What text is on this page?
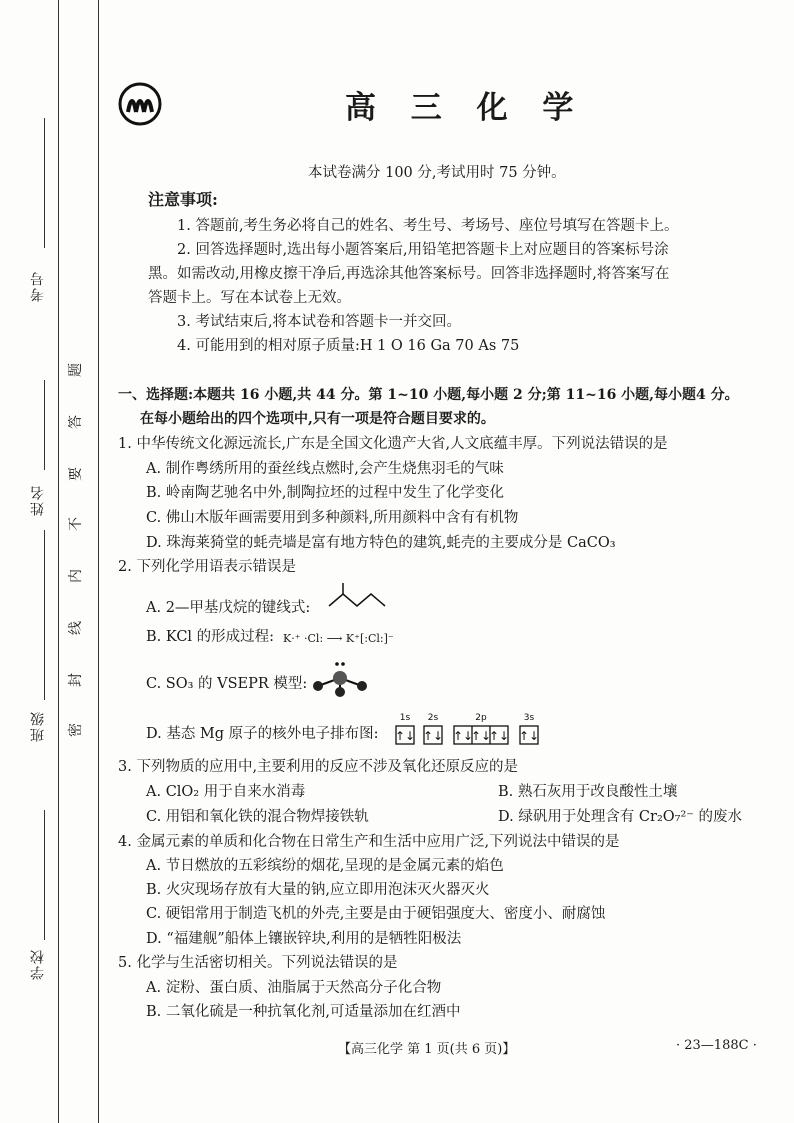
考号
姓名
班级
学校
题
答
要
不
内
线
封
密
高 三 化 学
本试卷满分 100 分,考试用时 75 分钟。
注意事项:
1. 答题前,考生务必将自己的姓名、考生号、考场号、座位号填写在答题卡上。
2. 回答选择题时,选出每小题答案后,用铅笔把答题卡上对应题目的答案标号涂
黑。如需改动,用橡皮擦干净后,再选涂其他答案标号。回答非选择题时,将答案写在
答题卡上。写在本试卷上无效。
3. 考试结束后,将本试卷和答题卡一并交回。
4. 可能用到的相对原子质量:H 1 O 16 Ga 70 As 75
一、选择题:本题共 16 小题,共 44 分。第 1~10 小题,每小题 2 分;第 11~16 小题,每小题4 分。
在每小题给出的四个选项中,只有一项是符合题目要求的。
1. 中华传统文化源远流长,广东是全国文化遗产大省,人文底蕴丰厚。下列说法错误的是
A. 制作粤绣所用的蚕丝线点燃时,会产生烧焦羽毛的气味
B. 岭南陶艺驰名中外,制陶拉坯的过程中发生了化学变化
C. 佛山木版年画需要用到多种颜料,所用颜料中含有有机物
D. 珠海莱猗堂的蚝壳墙是富有地方特色的建筑,蚝壳的主要成分是 CaCO₃
2. 下列化学用语表示错误是
A. 2—甲基戊烷的键线式:
B. KCl 的形成过程: K·⁺ ·Cl: ⟶ K⁺[:Cl:]⁻
C. SO₃ 的 VSEPR 模型:
D. 基态 Mg 原子的核外电子排布图:
1s 2s	2p	3s
↑↓ ↑↓ ↑↓
↑↓
↑↓ ↑↓
3. 下列物质的应用中,主要利用的反应不涉及氧化还原反应的是
A. ClO₂ 用于自来水消毒	B. 熟石灰用于改良酸性土壤
C. 用铝和氧化铁的混合物焊接铁轨	D. 绿矾用于处理含有 Cr₂O₇²⁻ 的废水
4. 金属元素的单质和化合物在日常生产和生活中应用广泛,下列说法中错误的是
A. 节日燃放的五彩缤纷的烟花,呈现的是金属元素的焰色
B. 火灾现场存放有大量的钠,应立即用泡沫灭火器灭火
C. 硬铝常用于制造飞机的外壳,主要是由于硬铝强度大、密度小、耐腐蚀
D. “福建舰”船体上镶嵌锌块,利用的是牺牲阳极法
5. 化学与生活密切相关。下列说法错误的是
A. 淀粉、蛋白质、油脂属于天然高分子化合物
B. 二氧化硫是一种抗氧化剂,可适量添加在红酒中
【高三化学 第 1 页(共 6 页)】	· 23—188C ·
